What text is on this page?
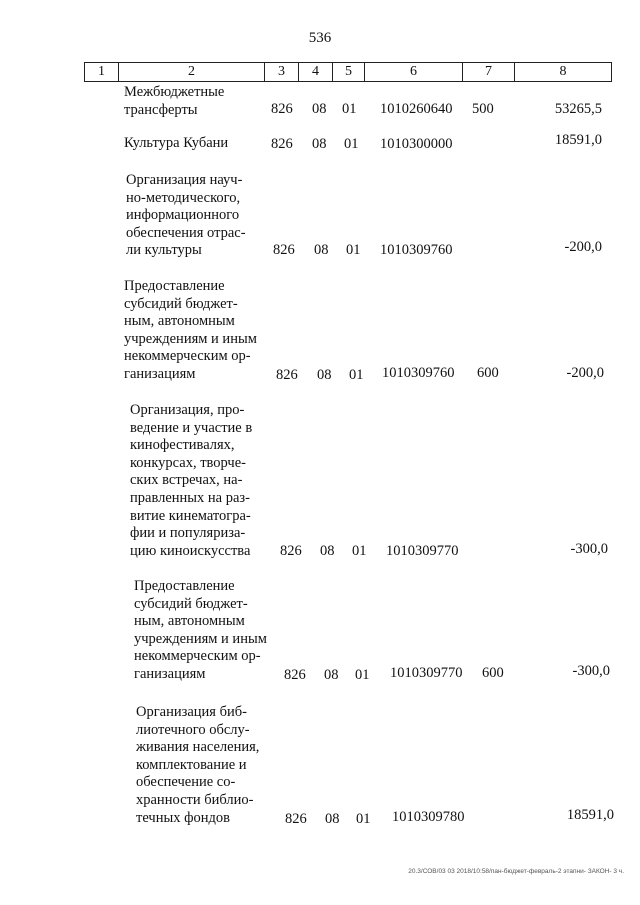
536
1	2	3	4	5	6	7	8
Межбюджетные
трансферты	826 08 01 1010260640 500	53265,5
Культура Кубани	826 08 01 1010300000	18591,0
Организация науч-
но-методического,
информационного
обеспечения отрас-
ли культуры	826 08 01 1010309760	-200,0
Предоставление
субсидий бюджет-
ным, автономным
учреждениям и иным
некоммерческим ор-
ганизациям	826 08 01 1010309760 600	-200,0
Организация, про-
ведение и участие в
кинофестивалях,
конкурсах, творче-
ских встречах, на-
правленных на раз-
витие кинематогра-
фии и популяриза-
цию киноискусства	826 08 01 1010309770	-300,0
Предоставление
субсидий бюджет-
ным, автономным
учреждениям и иным
некоммерческим ор-
ганизациям	826 08 01 1010309770 600	-300,0
Организация биб-
лиотечного обслу-
живания населения,
комплектование и
обеспечение со-
хранности библио-
течных фондов	826 08 01 1010309780	18591,0
20.3/СОВ/03 03 2018/10:58/пан-бюджет-февраль-2 этапни- ЗАКОН- 3 ч.
